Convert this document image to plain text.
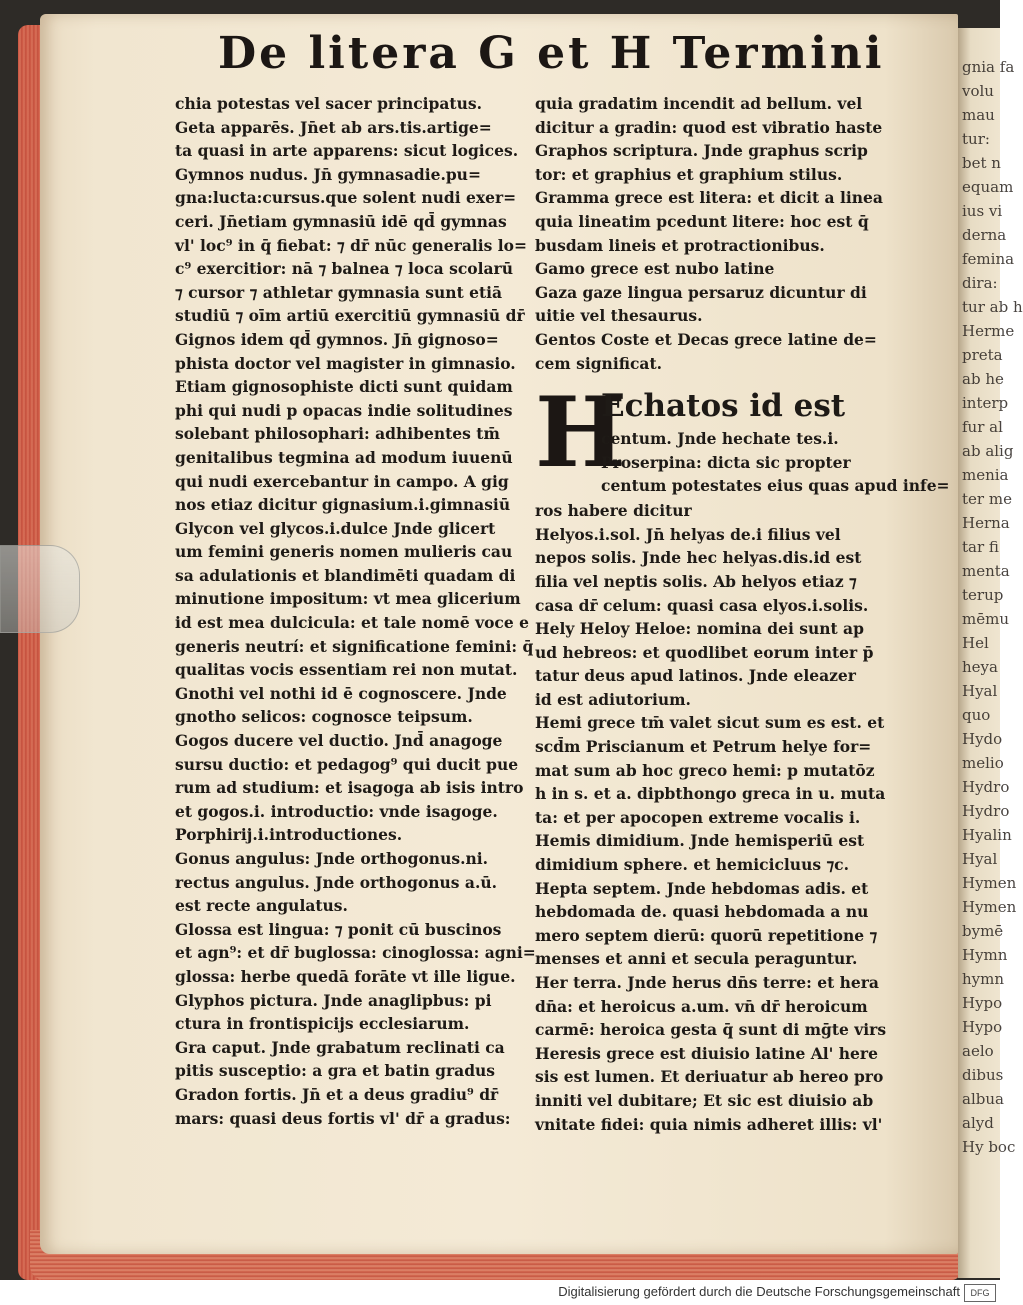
De litera G et H Termini
chia potestas vel sacer principatus.
Geta apparēs. Jn̄et ab ars.tis.artige=
ta quasi in arte apparens: sicut logices.
Gymnos nudus. Jn̄ gymnasadie.pu=
gna:lucta:cursus.que solent nudi exer=
ceri. Jn̄etiam gymnasiū idē qd̄ gymnas
vl' loc⁹ in q̄ fiebat: ⁊ dr̄ nūc generalis lo=
c⁹ exercitior: nā ⁊ balnea ⁊ loca scolarū
⁊ cursor ⁊ athletar gymnasia sunt etiā
studiū ⁊ oīm artiū exercitiū gymnasiū dr̄
Gignos idem qd̄ gymnos. Jn̄ gignoso=
phista doctor vel magister in gimnasio.
Etiam gignosophiste dicti sunt quidam
phi qui nudi p opacas indie solitudines
solebant philosophari: adhibentes tm̄
genitalibus tegmina ad modum iuuenū
qui nudi exercebantur in campo. A gig
nos etiaz dicitur gignasium.i.gimnasiū
Glycon vel glycos.i.dulce Jnde glicert
um femini generis nomen mulieris cau
sa adulationis et blandimēti quadam di
minutione impositum: vt mea glicerium
id est mea dulcicula: et tale nomē voce e
generis neutrí: et significatione femini: q̄
qualitas vocis essentiam rei non mutat.
Gnothi vel nothi id ē cognoscere. Jnde
gnotho selicos: cognosce teipsum.
Gogos ducere vel ductio. Jnd̄ anagoge
sursu ductio: et pedagog⁹ qui ducit pue
rum ad studium: et isagoga ab isis intro
et gogos.i. introductio: vnde isagoge.
Porphirij.i.introductiones.
Gonus angulus: Jnde orthogonus.ni.
rectus angulus. Jnde orthogonus a.ū.
est recte angulatus.
Glossa est lingua: ⁊ ponit cū buscinos
et agn⁹: et dr̄ buglossa: cinoglossa: agni=
glossa: herbe quedā forāte vt ille ligue.
Glyphos pictura. Jnde anaglipbus: pi
ctura in frontispicijs ecclesiarum.
Gra caput. Jnde grabatum reclinati ca
pitis susceptio: a gra et batin gradus
Gradon fortis. Jn̄ et a deus gradiu⁹ dr̄
mars: quasi deus fortis vl' dr̄ a gradus:
quia gradatim incendit ad bellum. vel
dicitur a gradin: quod est vibratio haste
Graphos scriptura. Jnde graphus scrip
tor: et graphius et graphium stilus.
Gramma grece est litera: et dicit a linea
quia lineatim pcedunt litere: hoc est q̄
busdam lineis et protractionibus.
Gamo grece est nubo latine
Gaza gaze lingua persaruz dicuntur di
uitie vel thesaurus.
Gentos Coste et Decas grece latine de=
cem significat.
H
Echatos id est
centum. Jnde hechate tes.i.
Proserpina: dicta sic propter
centum potestates eius quas apud infe=
ros habere dicitur
Helyos.i.sol. Jn̄ helyas de.i filius vel
nepos solis. Jnde hec helyas.dis.id est
filia vel neptis solis. Ab helyos etiaz ⁊
casa dr̄ celum: quasi casa elyos.i.solis.
Hely Heloy Heloe: nomina dei sunt ap
ud hebreos: et quodlibet eorum inter p̄
tatur deus apud latinos. Jnde eleazer
id est adiutorium.
Hemi grece tm̄ valet sicut sum es est. et
scd̄m Priscianum et Petrum helye for=
mat sum ab hoc greco hemi: p mutatōz
h in s. et a. dipbthongo greca in u. muta
ta: et per apocopen extreme vocalis i.
Hemis dimidium. Jnde hemisperiū est
dimidium sphere. et hemicicluus ⁊c.
Hepta septem. Jnde hebdomas adis. et
hebdomada de. quasi hebdomada a nu
mero septem dierū: quorū repetitione ⁊
menses et anni et secula peraguntur.
Her terra. Jnde herus dn̄s terre: et hera
dn̄a: et heroicus a.um. vn̄ dr̄ heroicum
carmē: heroica gesta q̄ sunt di mḡte virs
Heresis grece est diuisio latine Al' here
sis est lumen. Et deriuatur ab hereo pro
inniti vel dubitare; Et sic est diuisio ab
vnitate fidei: quia nimis adheret illis: vl'
gnia fa
volu
mau
tur:
bet n
equam
ius vi
derna
femina
dira:
tur ab h
Herme
preta
ab he
interp
fur al
ab alig
menia
ter me
Herna
tar fi
menta
terup
mēmu
Hel
heya
Hyal
quo
Hydo
melio
Hydro
Hydro
Hyalin
Hyal
Hymen
Hymen
bymē
Hymn
hymn
Hypo
Hypo
aelo
dibus
albua
alyd
Hy boc
Digitalisierung gefördert durch die Deutsche Forschungsgemeinschaft	DFG
